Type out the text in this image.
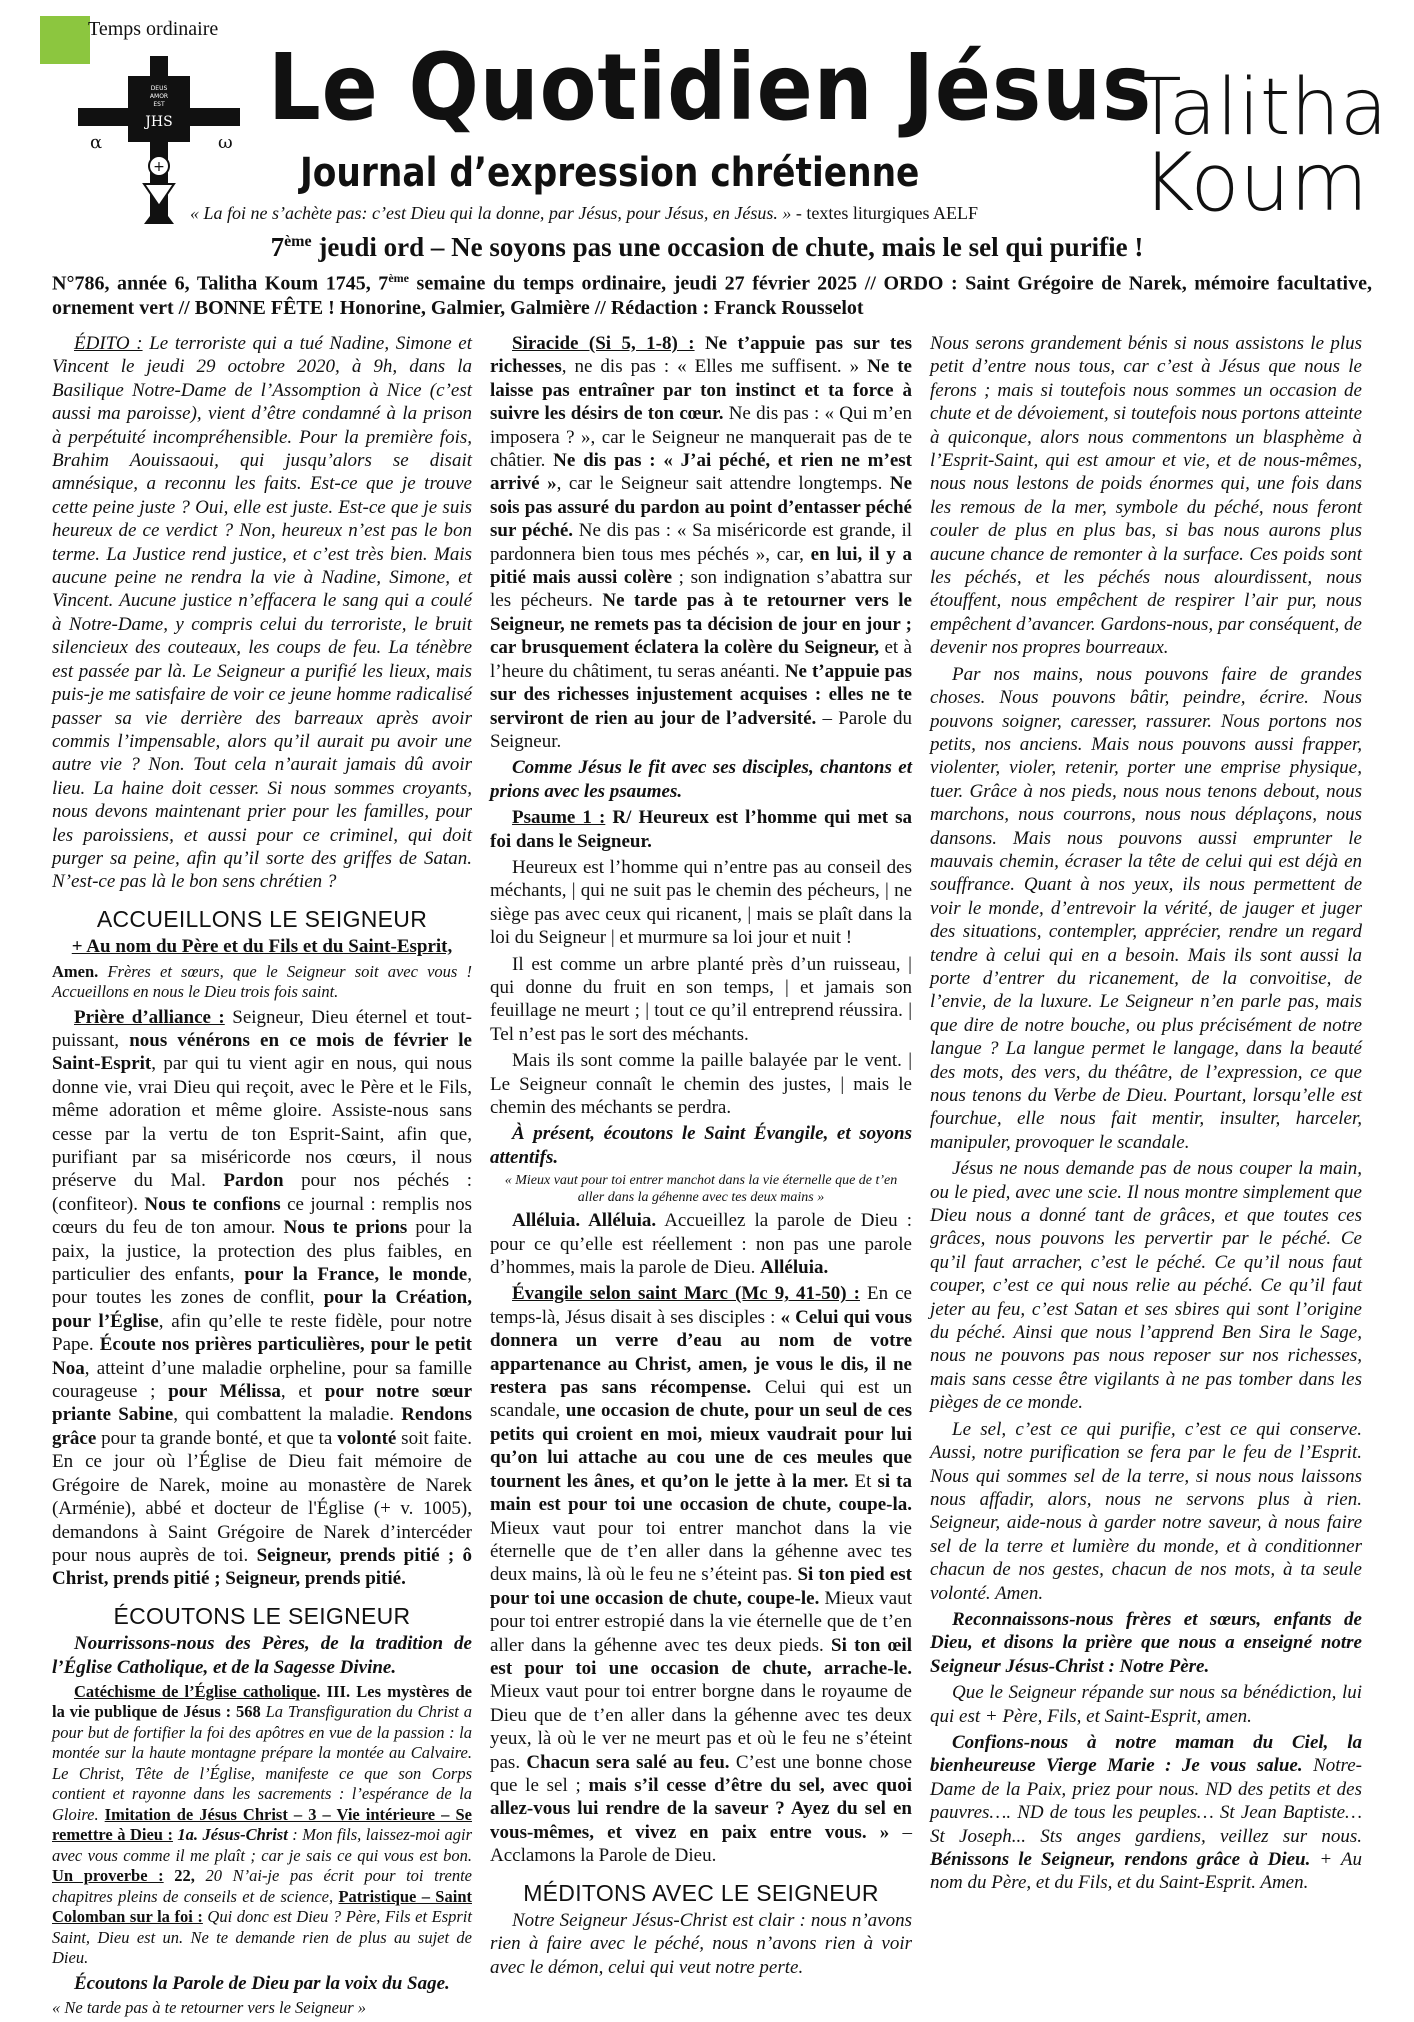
Temps ordinaire
DEUS
AMOR
EST
JHS
α	ω
+
Le Quotidien Jésus
Journal d’expression chrétienne
« La foi ne s’achète pas: c’est Dieu qui la donne, par Jésus, pour Jésus, en Jésus. » - textes liturgiques AELF
Talitha
Koum
7ème jeudi ord – Ne soyons pas une occasion de chute, mais le sel qui purifie !
N°786, année 6, Talitha Koum 1745, 7ème semaine du temps ordinaire, jeudi 27 février 2025 // ORDO : Saint Grégoire de Narek, mémoire facultative, ornement vert // BONNE FÊTE ! Honorine, Galmier, Galmière // Rédaction : Franck Rousselot

ÉDITO : Le terroriste qui a tué Nadine, Simone et Vincent le jeudi 29 octobre 2020, à 9h, dans la Basilique Notre-Dame de l’Assomption à Nice (c’est aussi ma paroisse), vient d’être condamné à la prison à perpétuité incompréhensible. Pour la première fois, Brahim Aouissaoui, qui jusqu’alors se disait amnésique, a reconnu les faits. Est-ce que je trouve cette peine juste ? Oui, elle est juste. Est-ce que je suis heureux de ce verdict ? Non, heureux n’est pas le bon terme. La Justice rend justice, et c’est très bien. Mais aucune peine ne rendra la vie à Nadine, Simone, et Vincent. Aucune justice n’effacera le sang qui a coulé à Notre-Dame, y compris celui du terroriste, le bruit silencieux des couteaux, les coups de feu. La ténèbre est passée par là. Le Seigneur a purifié les lieux, mais puis-je me satisfaire de voir ce jeune homme radicalisé passer sa vie derrière des barreaux après avoir commis l’impensable, alors qu’il aurait pu avoir une autre vie ? Non. Tout cela n’aurait jamais dû avoir lieu. La haine doit cesser. Si nous sommes croyants, nous devons maintenant prier pour les familles, pour les paroissiens, et aussi pour ce criminel, qui doit purger sa peine, afin qu’il sorte des griffes de Satan. N’est-ce pas là le bon sens chrétien ?

ACCUEILLONS LE SEIGNEUR

+ Au nom du Père et du Fils et du Saint-Esprit,

Amen. Frères et sœurs, que le Seigneur soit avec vous ! Accueillons en nous le Dieu trois fois saint.

Prière d’alliance : Seigneur, Dieu éternel et tout-puissant, nous vénérons en ce mois de février le Saint-Esprit, par qui tu vient agir en nous, qui nous donne vie, vrai Dieu qui reçoit, avec le Père et le Fils, même adoration et même gloire. Assiste-nous sans cesse par la vertu de ton Esprit-Saint, afin que, purifiant par sa miséricorde nos cœurs, il nous préserve du Mal. Pardon pour nos péchés : (confiteor). Nous te confions ce journal : remplis nos cœurs du feu de ton amour. Nous te prions pour la paix, la justice, la protection des plus faibles, en particulier des enfants, pour la France, le monde, pour toutes les zones de conflit, pour la Création, pour l’Église, afin qu’elle te reste fidèle, pour notre Pape. Écoute nos prières particulières, pour le petit Noa, atteint d’une maladie orpheline, pour sa famille courageuse ; pour Mélissa, et pour notre sœur priante Sabine, qui combattent la maladie. Rendons grâce pour ta grande bonté, et que ta volonté soit faite. En ce jour où l’Église de Dieu fait mémoire de Grégoire de Narek, moine au monastère de Narek (Arménie), abbé et docteur de l'Église (+ v. 1005), demandons à Saint Grégoire de Narek d’intercéder pour nous auprès de toi. Seigneur, prends pitié ; ô Christ, prends pitié ; Seigneur, prends pitié.

ÉCOUTONS LE SEIGNEUR

Nourrissons-nous des Pères, de la tradition de l’Église Catholique, et de la Sagesse Divine.

Catéchisme de l’Église catholique. III. Les mystères de la vie publique de Jésus : 568 La Transfiguration du Christ a pour but de fortifier la foi des apôtres en vue de la passion : la montée sur la haute montagne prépare la montée au Calvaire. Le Christ, Tête de l’Église, manifeste ce que son Corps contient et rayonne dans les sacrements : l’espérance de la Gloire. Imitation de Jésus Christ – 3 – Vie intérieure – Se remettre à Dieu : 1a. Jésus-Christ : Mon fils, laissez-moi agir avec vous comme il me plaît ; car je sais ce qui vous est bon. Un proverbe : 22, 20 N’ai-je pas écrit pour toi trente chapitres pleins de conseils et de science, Patristique – Saint Colomban sur la foi : Qui donc est Dieu ? Père, Fils et Esprit Saint, Dieu est un. Ne te demande rien de plus au sujet de Dieu.

Écoutons la Parole de Dieu par la voix du Sage.

« Ne tarde pas à te retourner vers le Seigneur »

Siracide (Si 5, 1-8) : Ne t’appuie pas sur tes richesses, ne dis pas : « Elles me suffisent. » Ne te laisse pas entraîner par ton instinct et ta force à suivre les désirs de ton cœur. Ne dis pas : « Qui m’en imposera ? », car le Seigneur ne manquerait pas de te châtier. Ne dis pas : « J’ai péché, et rien ne m’est arrivé », car le Seigneur sait attendre longtemps. Ne sois pas assuré du pardon au point d’entasser péché sur péché. Ne dis pas : « Sa miséricorde est grande, il pardonnera bien tous mes péchés », car, en lui, il y a pitié mais aussi colère ; son indignation s’abattra sur les pécheurs. Ne tarde pas à te retourner vers le Seigneur, ne remets pas ta décision de jour en jour ; car brusquement éclatera la colère du Seigneur, et à l’heure du châtiment, tu seras anéanti. Ne t’appuie pas sur des richesses injustement acquises : elles ne te serviront de rien au jour de l’adversité. – Parole du Seigneur.

Comme Jésus le fit avec ses disciples, chantons et prions avec les psaumes.

Psaume 1 : R/ Heureux est l’homme qui met sa foi dans le Seigneur.

Heureux est l’homme qui n’entre pas au conseil des méchants, | qui ne suit pas le chemin des pécheurs, | ne siège pas avec ceux qui ricanent, | mais se plaît dans la loi du Seigneur | et murmure sa loi jour et nuit !

Il est comme un arbre planté près d’un ruisseau, | qui donne du fruit en son temps, | et jamais son feuillage ne meurt ; | tout ce qu’il entreprend réussira. | Tel n’est pas le sort des méchants.

Mais ils sont comme la paille balayée par le vent. | Le Seigneur connaît le chemin des justes, | mais le chemin des méchants se perdra.

À présent, écoutons le Saint Évangile, et soyons attentifs.

« Mieux vaut pour toi entrer manchot dans la vie éternelle que de t’en aller dans la géhenne avec tes deux mains »

Alléluia. Alléluia. Accueillez la parole de Dieu : pour ce qu’elle est réellement : non pas une parole d’hommes, mais la parole de Dieu. Alléluia.

Évangile selon saint Marc (Mc 9, 41-50) : En ce temps-là, Jésus disait à ses disciples : « Celui qui vous donnera un verre d’eau au nom de votre appartenance au Christ, amen, je vous le dis, il ne restera pas sans récompense. Celui qui est un scandale, une occasion de chute, pour un seul de ces petits qui croient en moi, mieux vaudrait pour lui qu’on lui attache au cou une de ces meules que tournent les ânes, et qu’on le jette à la mer. Et si ta main est pour toi une occasion de chute, coupe-la. Mieux vaut pour toi entrer manchot dans la vie éternelle que de t’en aller dans la géhenne avec tes deux mains, là où le feu ne s’éteint pas. Si ton pied est pour toi une occasion de chute, coupe-le. Mieux vaut pour toi entrer estropié dans la vie éternelle que de t’en aller dans la géhenne avec tes deux pieds. Si ton œil est pour toi une occasion de chute, arrache-le. Mieux vaut pour toi entrer borgne dans le royaume de Dieu que de t’en aller dans la géhenne avec tes deux yeux, là où le ver ne meurt pas et où le feu ne s’éteint pas. Chacun sera salé au feu. C’est une bonne chose que le sel ; mais s’il cesse d’être du sel, avec quoi allez-vous lui rendre de la saveur ? Ayez du sel en vous-mêmes, et vivez en paix entre vous. » – Acclamons la Parole de Dieu.

MÉDITONS AVEC LE SEIGNEUR

Notre Seigneur Jésus-Christ est clair : nous n’avons rien à faire avec le péché, nous n’avons rien à voir avec le démon, celui qui veut notre perte.

Nous serons grandement bénis si nous assistons le plus petit d’entre nous tous, car c’est à Jésus que nous le ferons ; mais si toutefois nous sommes un occasion de chute et de dévoiement, si toutefois nous portons atteinte à quiconque, alors nous commentons un blasphème à l’Esprit-Saint, qui est amour et vie, et de nous-mêmes, nous nous lestons de poids énormes qui, une fois dans les remous de la mer, symbole du péché, nous feront couler de plus en plus bas, si bas nous aurons plus aucune chance de remonter à la surface. Ces poids sont les péchés, et les péchés nous alourdissent, nous étouffent, nous empêchent de respirer l’air pur, nous empêchent d’avancer. Gardons-nous, par conséquent, de devenir nos propres bourreaux.

Par nos mains, nous pouvons faire de grandes choses. Nous pouvons bâtir, peindre, écrire. Nous pouvons soigner, caresser, rassurer. Nous portons nos petits, nos anciens. Mais nous pouvons aussi frapper, violenter, violer, retenir, porter une emprise physique, tuer. Grâce à nos pieds, nous nous tenons debout, nous marchons, nous courrons, nous nous déplaçons, nous dansons. Mais nous pouvons aussi emprunter le mauvais chemin, écraser la tête de celui qui est déjà en souffrance. Quant à nos yeux, ils nous permettent de voir le monde, d’entrevoir la vérité, de jauger et juger des situations, contempler, apprécier, rendre un regard tendre à celui qui en a besoin. Mais ils sont aussi la porte d’entrer du ricanement, de la convoitise, de l’envie, de la luxure. Le Seigneur n’en parle pas, mais que dire de notre bouche, ou plus précisément de notre langue ? La langue permet le langage, dans la beauté des mots, des vers, du théâtre, de l’expression, ce que nous tenons du Verbe de Dieu. Pourtant, lorsqu’elle est fourchue, elle nous fait mentir, insulter, harceler, manipuler, provoquer le scandale.

Jésus ne nous demande pas de nous couper la main, ou le pied, avec une scie. Il nous montre simplement que Dieu nous a donné tant de grâces, et que toutes ces grâces, nous pouvons les pervertir par le péché. Ce qu’il faut arracher, c’est le péché. Ce qu’il nous faut couper, c’est ce qui nous relie au péché. Ce qu’il faut jeter au feu, c’est Satan et ses sbires qui sont l’origine du péché. Ainsi que nous l’apprend Ben Sira le Sage, nous ne pouvons pas nous reposer sur nos richesses, mais sans cesse être vigilants à ne pas tomber dans les pièges de ce monde.

Le sel, c’est ce qui purifie, c’est ce qui conserve. Aussi, notre purification se fera par le feu de l’Esprit. Nous qui sommes sel de la terre, si nous nous laissons nous affadir, alors, nous ne servons plus à rien. Seigneur, aide-nous à garder notre saveur, à nous faire sel de la terre et lumière du monde, et à conditionner chacun de nos gestes, chacun de nos mots, à ta seule volonté. Amen.

Reconnaissons-nous frères et sœurs, enfants de Dieu, et disons la prière que nous a enseigné notre Seigneur Jésus-Christ : Notre Père.

Que le Seigneur répande sur nous sa bénédiction, lui qui est + Père, Fils, et Saint-Esprit, amen.

Confions-nous à notre maman du Ciel, la bienheureuse Vierge Marie : Je vous salue. Notre-Dame de la Paix, priez pour nous. ND des petits et des pauvres…. ND de tous les peuples… St Jean Baptiste… St Joseph... Sts anges gardiens, veillez sur nous. Bénissons le Seigneur, rendons grâce à Dieu. + Au nom du Père, et du Fils, et du Saint-Esprit. Amen.
